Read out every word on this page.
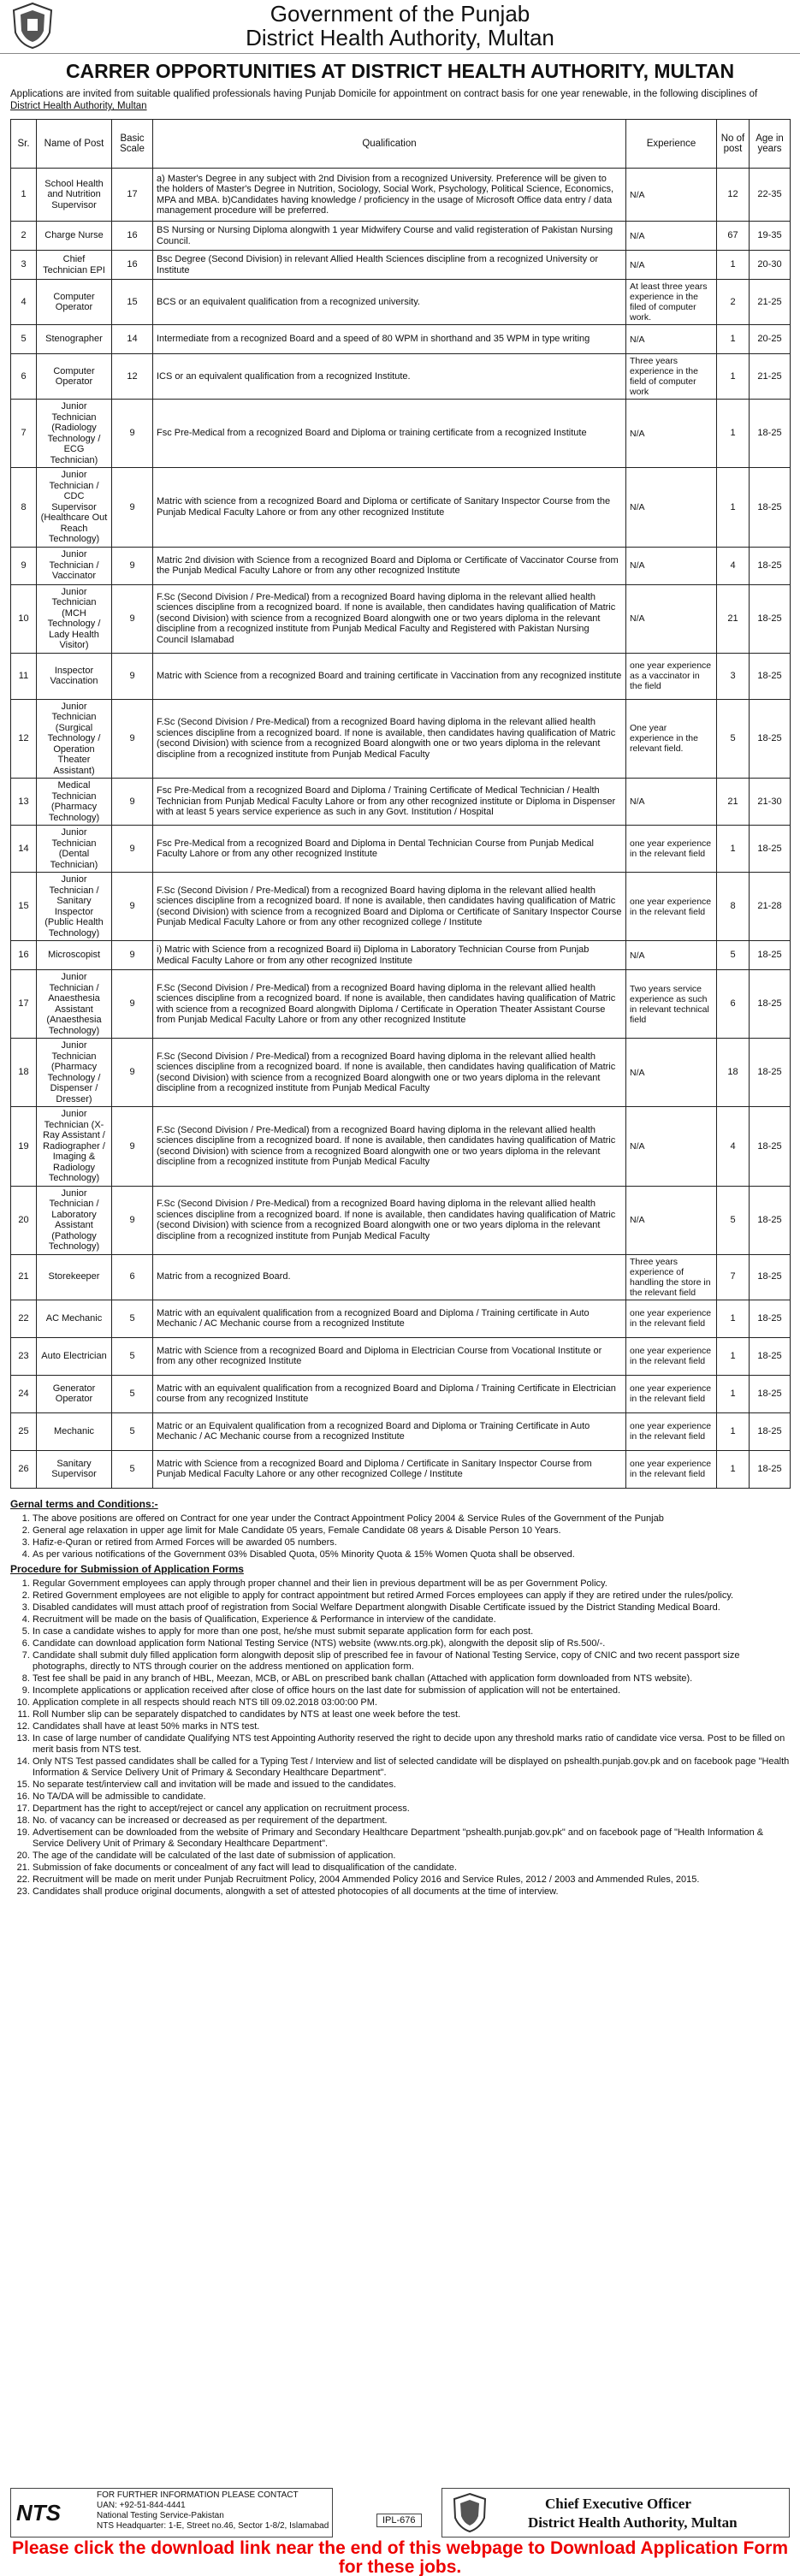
Government of the Punjab
District Health Authority, Multan
CARRER OPPORTUNITIES AT DISTRICT HEALTH AUTHORITY, MULTAN
Applications are invited from suitable qualified professionals having Punjab Domicile for appointment on contract basis for one year renewable, in the following disciplines of District Health Authority, Multan
Sr.	Name of Post	Basic Scale	Qualification	Experience	No of post	Age in years
1	School Health and Nutrition Supervisor	17	a) Master's Degree in any subject with 2nd Division from a recognized University. Preference will be given to the holders of Master's Degree in Nutrition, Sociology, Social Work, Psychology, Political Science, Economics, MPA and MBA. b)Candidates having knowledge / proficiency in the usage of Microsoft Office data entry / data management procedure will be preferred.	N/A	12	22-35
2	Charge Nurse	16	BS Nursing or Nursing Diploma alongwith 1 year Midwifery Course and valid registeration of Pakistan Nursing Council.	N/A	67	19-35
3	Chief Technician EPI	16	Bsc Degree (Second Division) in relevant Allied Health Sciences discipline from a recognized University or Institute	N/A	1	20-30
4	Computer Operator	15	BCS or an equivalent qualification from a recognized university.	At least three years experience in the filed of computer work.	2	21-25
5	Stenographer	14	Intermediate from a recognized Board and a speed of 80 WPM in shorthand and 35 WPM in type writing	N/A	1	20-25
6	Computer Operator	12	ICS or an equivalent qualification from a recognized Institute.	Three years experience in the field of computer work	1	21-25
7	Junior Technician (Radiology Technology / ECG Technician)	9	Fsc Pre-Medical from a recognized Board and Diploma or training certificate from a recognized Institute	N/A	1	18-25
8	Junior Technician / CDC Supervisor (Healthcare Out Reach Technology)	9	Matric with science from a recognized Board and Diploma or certificate of Sanitary Inspector Course from the Punjab Medical Faculty Lahore or from any other recognized Institute	N/A	1	18-25
9	Junior Technician / Vaccinator	9	Matric 2nd division with Science from a recognized Board and Diploma or Certificate of Vaccinator Course from the Punjab Medical Faculty Lahore or from any other recognized Institute	N/A	4	18-25
10	Junior Technician (MCH Technology / Lady Health Visitor)	9	F.Sc (Second Division / Pre-Medical) from a recognized Board having diploma in the relevant allied health sciences discipline from a recognized board. If none is available, then candidates having qualification of Matric (second Division) with science from a recognized Board alongwith one or two years diploma in the relevant discipline from a recognized institute from Punjab Medical Faculty and Registered with Pakistan Nursing Council Islamabad	N/A	21	18-25
11	Inspector Vaccination	9	Matric with Science from a recognized Board and training certificate in Vaccination from any recognized institute	one year experience as a vaccinator in the field	3	18-25
12	Junior Technician (Surgical Technology / Operation Theater Assistant)	9	F.Sc (Second Division / Pre-Medical) from a recognized Board having diploma in the relevant allied health sciences discipline from a recognized board. If none is available, then candidates having qualification of Matric (second Division) with science from a recognized Board alongwith one or two years diploma in the relevant discipline from a recognized institute from Punjab Medical Faculty	One year experience in the relevant field.	5	18-25
13	Medical Technician (Pharmacy Technology)	9	Fsc Pre-Medical from a recognized Board and Diploma / Training Certificate of Medical Technician / Health Technician from Punjab Medical Faculty Lahore or from any other recognized institute or Diploma in Dispenser with at least 5 years service experience as such in any Govt. Institution / Hospital	N/A	21	21-30
14	Junior Technician (Dental Technician)	9	Fsc Pre-Medical from a recognized Board and Diploma in Dental Technician Course from Punjab Medical Faculty Lahore or from any other recognized Institute	one year experience in the relevant field	1	18-25
15	Junior Technician / Sanitary Inspector (Public Health Technology)	9	F.Sc (Second Division / Pre-Medical) from a recognized Board having diploma in the relevant allied health sciences discipline from a recognized board. If none is available, then candidates having qualification of Matric (second Division) with science from a recognized Board and Diploma or Certificate of Sanitary Inspector Course Punjab Medical Faculty Lahore or from any other recognized college / Institute	one year experience in the relevant field	8	21-28
16	Microscopist	9	i) Matric with Science from a recognized Board ii) Diploma in Laboratory Technician Course from Punjab Medical Faculty Lahore or from any other recognized Institute	N/A	5	18-25
17	Junior Technician / Anaesthesia Assistant (Anaesthesia Technology)	9	F.Sc (Second Division / Pre-Medical) from a recognized Board having diploma in the relevant allied health sciences discipline from a recognized board. If none is available, then candidates having qualification of Matric with science from a recognized Board alongwith Diploma / Certificate in Operation Theater Assistant Course from Punjab Medical Faculty Lahore or from any other recognized Institute	Two years service experience as such in relevant technical field	6	18-25
18	Junior Technician (Pharmacy Technology / Dispenser / Dresser)	9	F.Sc (Second Division / Pre-Medical) from a recognized Board having diploma in the relevant allied health sciences discipline from a recognized board. If none is available, then candidates having qualification of Matric (second Division) with science from a recognized Board alongwith one or two years diploma in the relevant discipline from a recognized institute from Punjab Medical Faculty	N/A	18	18-25
19	Junior Technician (X-Ray Assistant / Radiographer / Imaging & Radiology Technology)	9	F.Sc (Second Division / Pre-Medical) from a recognized Board having diploma in the relevant allied health sciences discipline from a recognized board. If none is available, then candidates having qualification of Matric (second Division) with science from a recognized Board alongwith one or two years diploma in the relevant discipline from a recognized institute from Punjab Medical Faculty	N/A	4	18-25
20	Junior Technician / Laboratory Assistant (Pathology Technology)	9	F.Sc (Second Division / Pre-Medical) from a recognized Board having diploma in the relevant allied health sciences discipline from a recognized board. If none is available, then candidates having qualification of Matric (second Division) with science from a recognized Board alongwith one or two years diploma in the relevant discipline from a recognized institute from Punjab Medical Faculty	N/A	5	18-25
21	Storekeeper	6	Matric from a recognized Board.	Three years experience of handling the store in the relevant field	7	18-25
22	AC Mechanic	5	Matric with an equivalent qualification from a recognized Board and Diploma / Training certificate in Auto Mechanic / AC Mechanic course from a recognized Institute	one year experience in the relevant field	1	18-25
23	Auto Electrician	5	Matric with Science from a recognized Board and Diploma in Electrician Course from Vocational Institute or from any other recognized Institute	one year experience in the relevant field	1	18-25
24	Generator Operator	5	Matric with an equivalent qualification from a recognized Board and Diploma / Training Certificate in Electrician course from any recognized Institute	one year experience in the relevant field	1	18-25
25	Mechanic	5	Matric or an Equivalent qualification from a recognized Board and Diploma or Training Certificate in Auto Mechanic / AC Mechanic course from a recognized Institute	one year experience in the relevant field	1	18-25
26	Sanitary Supervisor	5	Matric with Science from a recognized Board and Diploma / Certificate in Sanitary Inspector Course from Punjab Medical Faculty Lahore or any other recognized College / Institute	one year experience in the relevant field	1	18-25
Gernal terms and Conditions:-
1. The above positions are offered on Contract for one year under the Contract Appointment Policy 2004 & Service Rules of the Government of the Punjab
2. General age relaxation in upper age limit for Male Candidate 05 years, Female Candidate 08 years & Disable Person 10 Years.
3. Hafiz-e-Quran or retired from Armed Forces will be awarded 05 numbers.
4. As per various notifications of the Government 03% Disabled Quota, 05% Minority Quota & 15% Women Quota shall be observed.
Procedure for Submission of Application Forms
1. Regular Government employees can apply through proper channel and their lien in previous department will be as per Government Policy.
2. Retired Government employees are not eligible to apply for contract appointment but retired Armed Forces employees can apply if they are retired under the rules/policy.
3. Disabled candidates will must attach proof of registration from Social Welfare Department alongwith Disable Certificate issued by the District Standing Medical Board.
4. Recruitment will be made on the basis of Qualification, Experience & Performance in interview of the candidate.
5. In case a candidate wishes to apply for more than one post, he/she must submit separate application form for each post.
6. Candidate can download application form National Testing Service (NTS) website (www.nts.org.pk), alongwith the deposit slip of Rs.500/-.
7. Candidate shall submit duly filled application form alongwith deposit slip of prescribed fee in favour of National Testing Service, copy of CNIC and two recent passport size photographs, directly to NTS through courier on the address mentioned on application form.
8. Test fee shall be paid in any branch of HBL, Meezan, MCB, or ABL on prescribed bank challan (Attached with application form downloaded from NTS website).
9. Incomplete applications or application received after close of office hours on the last date for submission of application will not be entertained.
10. Application complete in all respects should reach NTS till 09.02.2018 03:00:00 PM.
11. Roll Number slip can be separately dispatched to candidates by NTS at least one week before the test.
12. Candidates shall have at least 50% marks in NTS test.
13. In case of large number of candidate Qualifying NTS test Appointing Authority reserved the right to decide upon any threshold marks ratio of candidate vice versa. Post to be filled on merit basis from NTS test.
14. Only NTS Test passed candidates shall be called for a Typing Test / Interview and list of selected candidate will be displayed on pshealth.punjab.gov.pk and on facebook page "Health Information & Service Delivery Unit of Primary & Secondary Healthcare Department".
15. No separate test/interview call and invitation will be made and issued to the candidates.
16. No TA/DA will be admissible to candidate.
17. Department has the right to accept/reject or cancel any application on recruitment process.
18. No. of vacancy can be increased or decreased as per requirement of the department.
19. Advertisement can be downloaded from the website of Primary and Secondary Healthcare Department "pshealth.punjab.gov.pk" and on facebook page of "Health Information & Service Delivery Unit of Primary & Secondary Healthcare Department".
20. The age of the candidate will be calculated of the last date of submission of application.
21. Submission of fake documents or concealment of any fact will lead to disqualification of the candidate.
22. Recruitment will be made on merit under Punjab Recruitment Policy, 2004 Ammended Policy 2016 and Service Rules, 2012 / 2003 and Ammended Rules, 2015.
23. Candidates shall produce original documents, alongwith a set of attested photocopies of all documents at the time of interview.
NTS
FOR FURTHER INFORMATION PLEASE CONTACT
UAN: +92-51-844-4441
National Testing Service-Pakistan
NTS Headquarter: 1-E, Street no.46, Sector 1-8/2, Islamabad
IPL-676
Chief Executive Officer
District Health Authority, Multan
Please click the download link near the end of this webpage to Download Application Form for these jobs.
